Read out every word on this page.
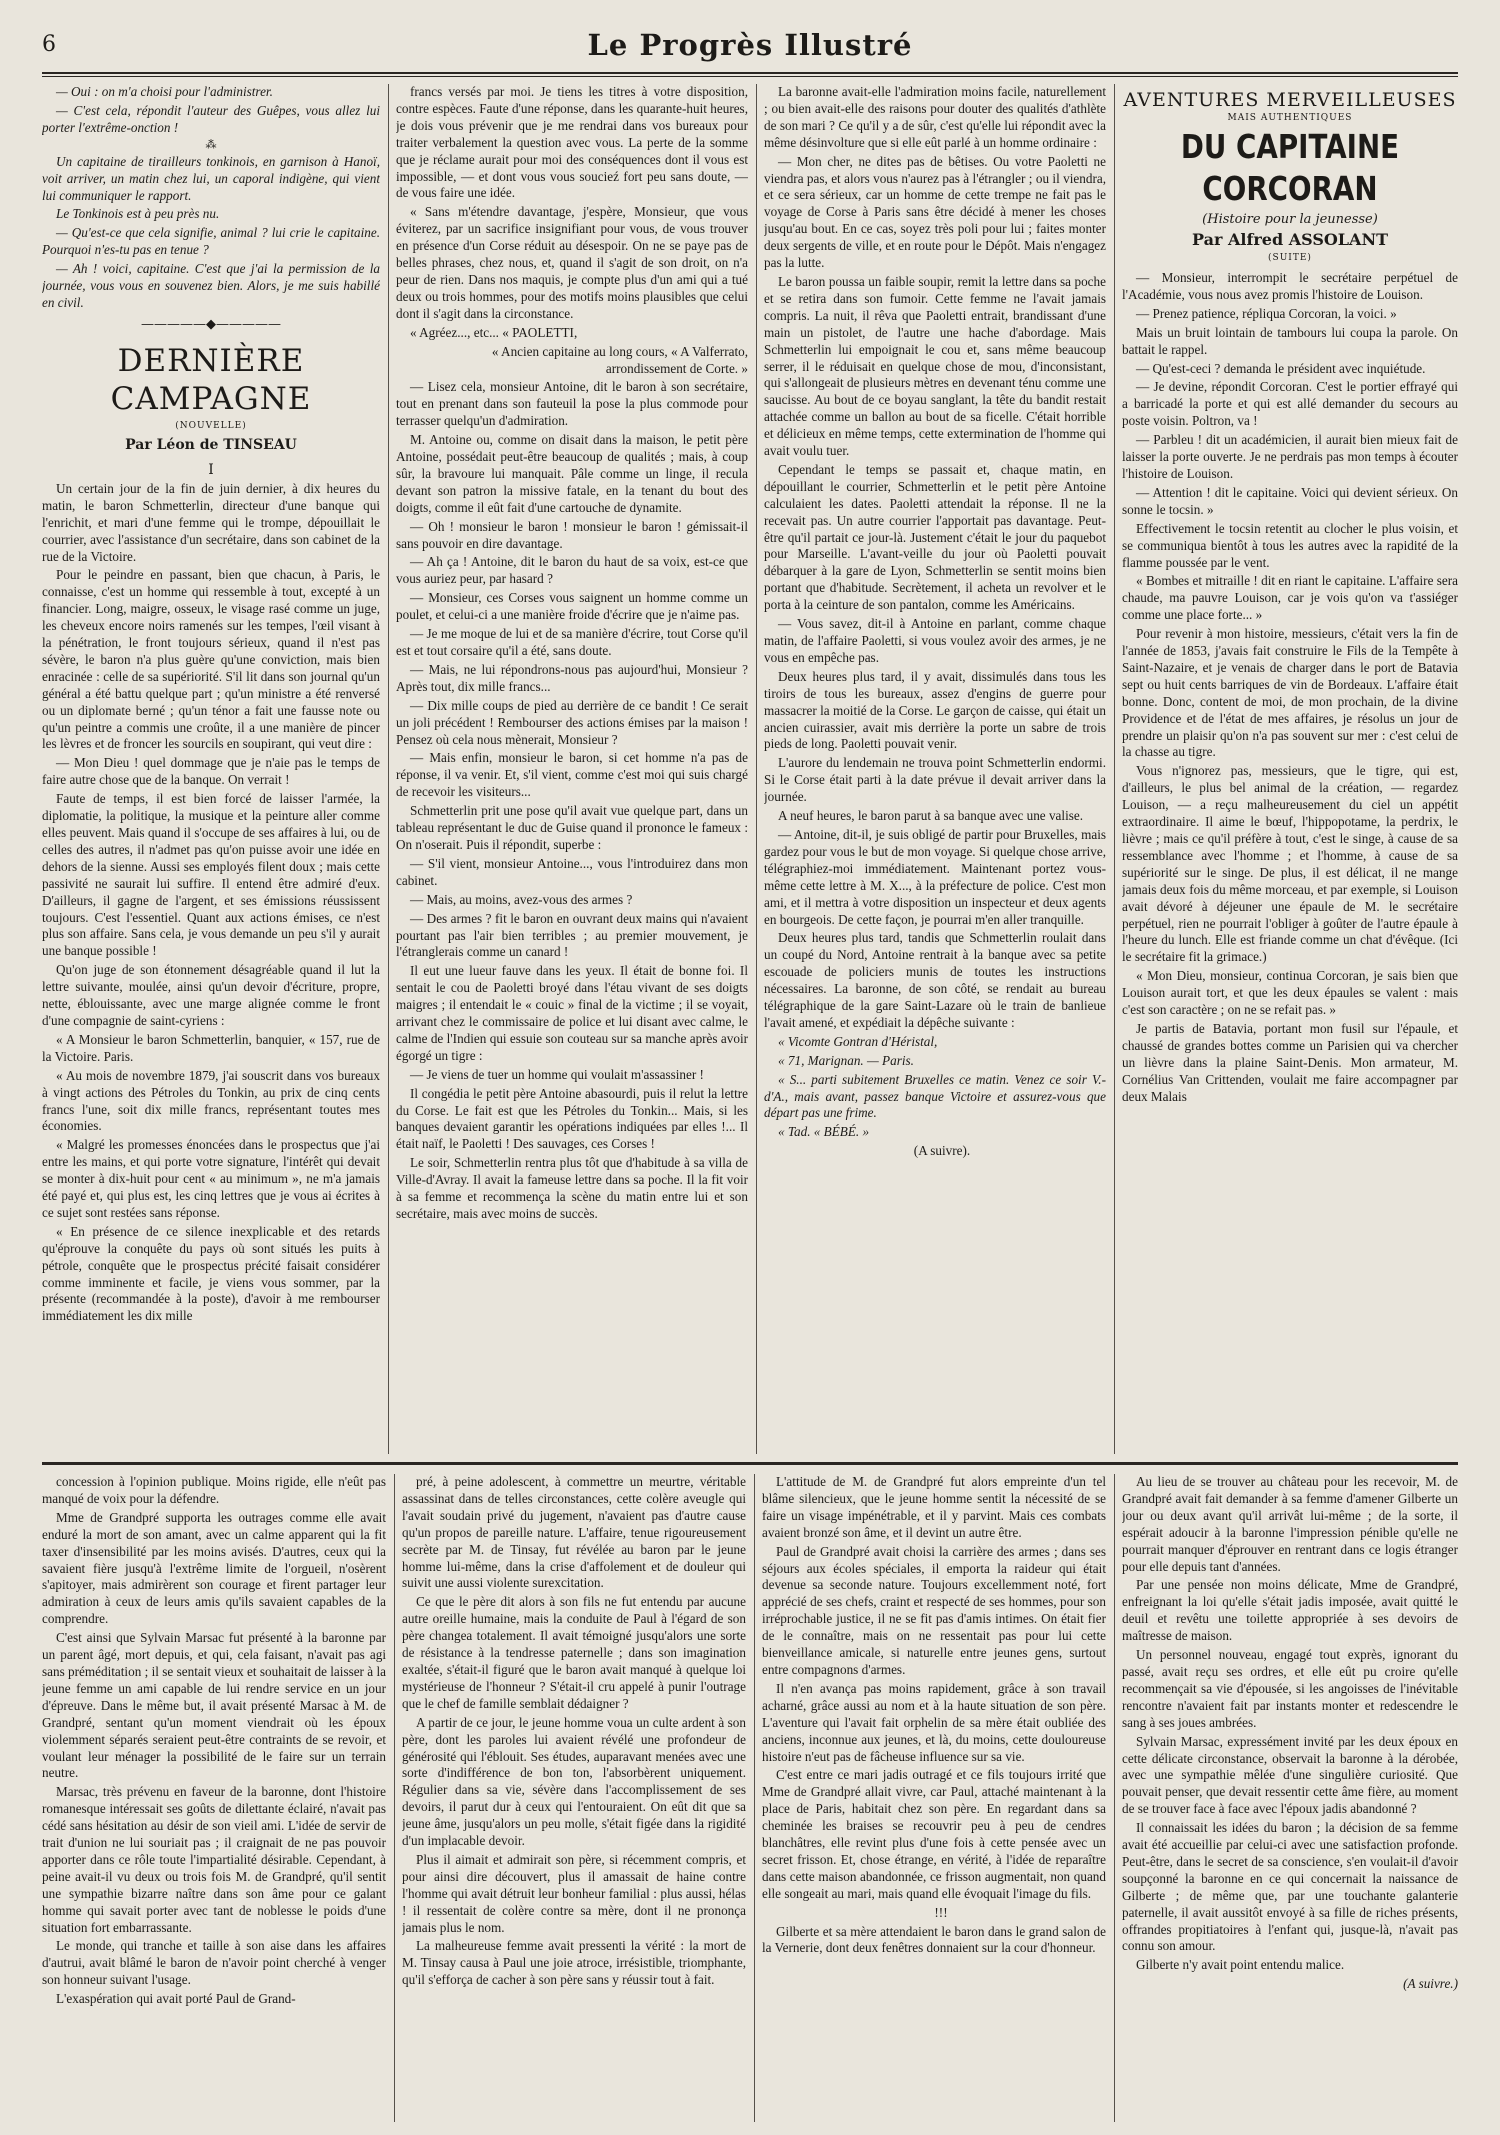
6	Le Progrès Illustré

— Oui : on m'a choisi pour l'administrer.

— C'est cela, répondit l'auteur des Guêpes, vous allez lui porter l'extrême-onction !

⁂

Un capitaine de tirailleurs tonkinois, en garnison à Hanoï, voit arriver, un matin chez lui, un caporal indigène, qui vient lui communiquer le rapport.

Le Tonkinois est à peu près nu.

— Qu'est-ce que cela signifie, animal ? lui crie le capitaine. Pourquoi n'es-tu pas en tenue ?

— Ah ! voici, capitaine. C'est que j'ai la permission de la journée, vous vous en souvenez bien. Alors, je me suis habillé en civil.

—————◆—————
DERNIÈRE CAMPAGNE
(NOUVELLE)
Par Léon de TINSEAU
I

Un certain jour de la fin de juin dernier, à dix heures du matin, le baron Schmetterlin, directeur d'une banque qui l'enrichit, et mari d'une femme qui le trompe, dépouillait le courrier, avec l'assistance d'un secrétaire, dans son cabinet de la rue de la Victoire.

Pour le peindre en passant, bien que chacun, à Paris, le connaisse, c'est un homme qui ressemble à tout, excepté à un financier. Long, maigre, osseux, le visage rasé comme un juge, les cheveux encore noirs ramenés sur les tempes, l'œil visant à la pénétration, le front toujours sérieux, quand il n'est pas sévère, le baron n'a plus guère qu'une conviction, mais bien enracinée : celle de sa supériorité. S'il lit dans son journal qu'un général a été battu quelque part ; qu'un ministre a été renversé ou un diplomate berné ; qu'un ténor a fait une fausse note ou qu'un peintre a commis une croûte, il a une manière de pincer les lèvres et de froncer les sourcils en soupirant, qui veut dire :

— Mon Dieu ! quel dommage que je n'aie pas le temps de faire autre chose que de la banque. On verrait !

Faute de temps, il est bien forcé de laisser l'armée, la diplomatie, la politique, la musique et la peinture aller comme elles peuvent. Mais quand il s'occupe de ses affaires à lui, ou de celles des autres, il n'admet pas qu'on puisse avoir une idée en dehors de la sienne. Aussi ses employés filent doux ; mais cette passivité ne saurait lui suffire. Il entend être admiré d'eux. D'ailleurs, il gagne de l'argent, et ses émissions réussissent toujours. C'est l'essentiel. Quant aux actions émises, ce n'est plus son affaire. Sans cela, je vous demande un peu s'il y aurait une banque possible !

Qu'on juge de son étonnement désagréable quand il lut la lettre suivante, moulée, ainsi qu'un devoir d'écriture, propre, nette, éblouissante, avec une marge alignée comme le front d'une compagnie de saint-cyriens :

« A Monsieur le baron Schmetterlin, banquier, « 157, rue de la Victoire. Paris.

« Au mois de novembre 1879, j'ai souscrit dans vos bureaux à vingt actions des Pétroles du Tonkin, au prix de cinq cents francs l'une, soit dix mille francs, représentant toutes mes économies.

« Malgré les promesses énoncées dans le prospectus que j'ai entre les mains, et qui porte votre signature, l'intérêt qui devait se monter à dix-huit pour cent « au minimum », ne m'a jamais été payé et, qui plus est, les cinq lettres que je vous ai écrites à ce sujet sont restées sans réponse.

« En présence de ce silence inexplicable et des retards qu'éprouve la conquête du pays où sont situés les puits à pétrole, conquête que le prospectus précité faisait considérer comme imminente et facile, je viens vous sommer, par la présente (recommandée à la poste), d'avoir à me rembourser immédiatement les dix mille

francs versés par moi. Je tiens les titres à votre disposition, contre espèces. Faute d'une réponse, dans les quarante-huit heures, je dois vous prévenir que je me rendrai dans vos bureaux pour traiter verbalement la question avec vous. La perte de la somme que je réclame aurait pour moi des conséquences dont il vous est impossible, — et dont vous vous soucieź fort peu sans doute, — de vous faire une idée.

« Sans m'étendre davantage, j'espère, Monsieur, que vous éviterez, par un sacrifice insignifiant pour vous, de vous trouver en présence d'un Corse réduit au désespoir. On ne se paye pas de belles phrases, chez nous, et, quand il s'agit de son droit, on n'a peur de rien. Dans nos maquis, je compte plus d'un ami qui a tué deux ou trois hommes, pour des motifs moins plausibles que celui dont il s'agit dans la circonstance.

« Agréez..., etc... « PAOLETTI,

« Ancien capitaine au long cours, « A Valferrato, arrondissement de Corte. »

— Lisez cela, monsieur Antoine, dit le baron à son secrétaire, tout en prenant dans son fauteuil la pose la plus commode pour terrasser quelqu'un d'admiration.

M. Antoine ou, comme on disait dans la maison, le petit père Antoine, possédait peut-être beaucoup de qualités ; mais, à coup sûr, la bravoure lui manquait. Pâle comme un linge, il recula devant son patron la missive fatale, en la tenant du bout des doigts, comme il eût fait d'une cartouche de dynamite.

— Oh ! monsieur le baron ! monsieur le baron ! gémissait-il sans pouvoir en dire davantage.

— Ah ça ! Antoine, dit le baron du haut de sa voix, est-ce que vous auriez peur, par hasard ?

— Monsieur, ces Corses vous saignent un homme comme un poulet, et celui-ci a une manière froide d'écrire que je n'aime pas.

— Je me moque de lui et de sa manière d'écrire, tout Corse qu'il est et tout corsaire qu'il a été, sans doute.

— Mais, ne lui répondrons-nous pas aujourd'hui, Monsieur ? Après tout, dix mille francs...

— Dix mille coups de pied au derrière de ce bandit ! Ce serait un joli précédent ! Rembourser des actions émises par la maison ! Pensez où cela nous mènerait, Monsieur ?

— Mais enfin, monsieur le baron, si cet homme n'a pas de réponse, il va venir. Et, s'il vient, comme c'est moi qui suis chargé de recevoir les visiteurs...

Schmetterlin prit une pose qu'il avait vue quelque part, dans un tableau représentant le duc de Guise quand il prononce le fameux : On n'oserait. Puis il répondit, superbe :

— S'il vient, monsieur Antoine..., vous l'introduirez dans mon cabinet.

— Mais, au moins, avez-vous des armes ?

— Des armes ? fit le baron en ouvrant deux mains qui n'avaient pourtant pas l'air bien terribles ; au premier mouvement, je l'étranglerais comme un canard !

Il eut une lueur fauve dans les yeux. Il était de bonne foi. Il sentait le cou de Paoletti broyé dans l'étau vivant de ses doigts maigres ; il entendait le « couic » final de la victime ; il se voyait, arrivant chez le commissaire de police et lui disant avec calme, le calme de l'Indien qui essuie son couteau sur sa manche après avoir égorgé un tigre :

— Je viens de tuer un homme qui voulait m'assassiner !

Il congédia le petit père Antoine abasourdi, puis il relut la lettre du Corse. Le fait est que les Pétroles du Tonkin... Mais, si les banques devaient garantir les opérations indiquées par elles !... Il était naïf, le Paoletti ! Des sauvages, ces Corses !

Le soir, Schmetterlin rentra plus tôt que d'habitude à sa villa de Ville-d'Avray. Il avait la fameuse lettre dans sa poche. Il la fit voir à sa femme et recommença la scène du matin entre lui et son secrétaire, mais avec moins de succès.

La baronne avait-elle l'admiration moins facile, naturellement ; ou bien avait-elle des raisons pour douter des qualités d'athlète de son mari ? Ce qu'il y a de sûr, c'est qu'elle lui répondit avec la même désinvolture que si elle eût parlé à un homme ordinaire :

— Mon cher, ne dites pas de bêtises. Ou votre Paoletti ne viendra pas, et alors vous n'aurez pas à l'étrangler ; ou il viendra, et ce sera sérieux, car un homme de cette trempe ne fait pas le voyage de Corse à Paris sans être décidé à mener les choses jusqu'au bout. En ce cas, soyez très poli pour lui ; faites monter deux sergents de ville, et en route pour le Dépôt. Mais n'engagez pas la lutte.

Le baron poussa un faible soupir, remit la lettre dans sa poche et se retira dans son fumoir. Cette femme ne l'avait jamais compris. La nuit, il rêva que Paoletti entrait, brandissant d'une main un pistolet, de l'autre une hache d'abordage. Mais Schmetterlin lui empoignait le cou et, sans même beaucoup serrer, il le réduisait en quelque chose de mou, d'inconsistant, qui s'allongeait de plusieurs mètres en devenant ténu comme une saucisse. Au bout de ce boyau sanglant, la tête du bandit restait attachée comme un ballon au bout de sa ficelle. C'était horrible et délicieux en même temps, cette extermination de l'homme qui avait voulu tuer.

Cependant le temps se passait et, chaque matin, en dépouillant le courrier, Schmetterlin et le petit père Antoine calculaient les dates. Paoletti attendait la réponse. Il ne la recevait pas. Un autre courrier l'apportait pas davantage. Peut-être qu'il partait ce jour-là. Justement c'était le jour du paquebot pour Marseille. L'avant-veille du jour où Paoletti pouvait débarquer à la gare de Lyon, Schmetterlin se sentit moins bien portant que d'habitude. Secrètement, il acheta un revolver et le porta à la ceinture de son pantalon, comme les Américains.

— Vous savez, dit-il à Antoine en parlant, comme chaque matin, de l'affaire Paoletti, si vous voulez avoir des armes, je ne vous en empêche pas.

Deux heures plus tard, il y avait, dissimulés dans tous les tiroirs de tous les bureaux, assez d'engins de guerre pour massacrer la moitié de la Corse. Le garçon de caisse, qui était un ancien cuirassier, avait mis derrière la porte un sabre de trois pieds de long. Paoletti pouvait venir.

L'aurore du lendemain ne trouva point Schmetterlin endormi. Si le Corse était parti à la date prévue il devait arriver dans la journée.

A neuf heures, le baron parut à sa banque avec une valise.

— Antoine, dit-il, je suis obligé de partir pour Bruxelles, mais gardez pour vous le but de mon voyage. Si quelque chose arrive, télégraphiez-moi immédiatement. Maintenant portez vous-même cette lettre à M. X..., à la préfecture de police. C'est mon ami, et il mettra à votre disposition un inspecteur et deux agents en bourgeois. De cette façon, je pourrai m'en aller tranquille.

Deux heures plus tard, tandis que Schmetterlin roulait dans un coupé du Nord, Antoine rentrait à la banque avec sa petite escouade de policiers munis de toutes les instructions nécessaires. La baronne, de son côté, se rendait au bureau télégraphique de la gare Saint-Lazare où le train de banlieue l'avait amené, et expédiait la dépêche suivante :

« Vicomte Gontran d'Héristal,

« 71, Marignan. — Paris.

« S... parti subitement Bruxelles ce matin. Venez ce soir V.-d'A., mais avant, passez banque Victoire et assurez-vous que départ pas une frime.

« Tad. « BÉBÉ. »

(A suivre).

AVENTURES MERVEILLEUSES
MAIS AUTHENTIQUES
DU CAPITAINE CORCORAN
(Histoire pour la jeunesse)
Par Alfred ASSOLANT
(SUITE)

— Monsieur, interrompit le secrétaire perpétuel de l'Académie, vous nous avez promis l'histoire de Louison.

— Prenez patience, répliqua Corcoran, la voici. »

Mais un bruit lointain de tambours lui coupa la parole. On battait le rappel.

— Qu'est-ceci ? demanda le président avec inquiétude.

— Je devine, répondit Corcoran. C'est le portier effrayé qui a barricadé la porte et qui est allé demander du secours au poste voisin. Poltron, va !

— Parbleu ! dit un académicien, il aurait bien mieux fait de laisser la porte ouverte. Je ne perdrais pas mon temps à écouter l'histoire de Louison.

— Attention ! dit le capitaine. Voici qui devient sérieux. On sonne le tocsin. »

Effectivement le tocsin retentit au clocher le plus voisin, et se communiqua bientôt à tous les autres avec la rapidité de la flamme poussée par le vent.

« Bombes et mitraille ! dit en riant le capitaine. L'affaire sera chaude, ma pauvre Louison, car je vois qu'on va t'assiéger comme une place forte... »

Pour revenir à mon histoire, messieurs, c'était vers la fin de l'année de 1853, j'avais fait construire le Fils de la Tempête à Saint-Nazaire, et je venais de charger dans le port de Batavia sept ou huit cents barriques de vin de Bordeaux. L'affaire était bonne. Donc, content de moi, de mon prochain, de la divine Providence et de l'état de mes affaires, je résolus un jour de prendre un plaisir qu'on n'a pas souvent sur mer : c'est celui de la chasse au tigre.

Vous n'ignorez pas, messieurs, que le tigre, qui est, d'ailleurs, le plus bel animal de la création, — regardez Louison, — a reçu malheureusement du ciel un appétit extraordinaire. Il aime le bœuf, l'hippopotame, la perdrix, le lièvre ; mais ce qu'il préfère à tout, c'est le singe, à cause de sa ressemblance avec l'homme ; et l'homme, à cause de sa supériorité sur le singe. De plus, il est délicat, il ne mange jamais deux fois du même morceau, et par exemple, si Louison avait dévoré à déjeuner une épaule de M. le secrétaire perpétuel, rien ne pourrait l'obliger à goûter de l'autre épaule à l'heure du lunch. Elle est friande comme un chat d'évêque. (Ici le secrétaire fit la grimace.)

« Mon Dieu, monsieur, continua Corcoran, je sais bien que Louison aurait tort, et que les deux épaules se valent : mais c'est son caractère ; on ne se refait pas. »

Je partis de Batavia, portant mon fusil sur l'épaule, et chaussé de grandes bottes comme un Parisien qui va chercher un lièvre dans la plaine Saint-Denis. Mon armateur, M. Cornélius Van Crittenden, voulait me faire accompagner par deux Malais

concession à l'opinion publique. Moins rigide, elle n'eût pas manqué de voix pour la défendre.

Mme de Grandpré supporta les outrages comme elle avait enduré la mort de son amant, avec un calme apparent qui la fit taxer d'insensibilité par les moins avisés. D'autres, ceux qui la savaient fière jusqu'à l'extrême limite de l'orgueil, n'osèrent s'apitoyer, mais admirèrent son courage et firent partager leur admiration à ceux de leurs amis qu'ils savaient capables de la comprendre.

C'est ainsi que Sylvain Marsac fut présenté à la baronne par un parent âgé, mort depuis, et qui, cela faisant, n'avait pas agi sans préméditation ; il se sentait vieux et souhaitait de laisser à la jeune femme un ami capable de lui rendre service en un jour d'épreuve. Dans le même but, il avait présenté Marsac à M. de Grandpré, sentant qu'un moment viendrait où les époux violemment séparés seraient peut-être contraints de se revoir, et voulant leur ménager la possibilité de le faire sur un terrain neutre.

Marsac, très prévenu en faveur de la baronne, dont l'histoire romanesque intéressait ses goûts de dilettante éclairé, n'avait pas cédé sans hésitation au désir de son vieil ami. L'idée de servir de trait d'union ne lui souriait pas ; il craignait de ne pas pouvoir apporter dans ce rôle toute l'impartialité désirable. Cependant, à peine avait-il vu deux ou trois fois M. de Grandpré, qu'il sentit une sympathie bizarre naître dans son âme pour ce galant homme qui savait porter avec tant de noblesse le poids d'une situation fort embarrassante.

Le monde, qui tranche et taille à son aise dans les affaires d'autrui, avait blâmé le baron de n'avoir point cherché à venger son honneur suivant l'usage.

L'exaspération qui avait porté Paul de Grand-

pré, à peine adolescent, à commettre un meurtre, véritable assassinat dans de telles circonstances, cette colère aveugle qui l'avait soudain privé du jugement, n'avaient pas d'autre cause qu'un propos de pareille nature. L'affaire, tenue rigoureusement secrète par M. de Tinsay, fut révélée au baron par le jeune homme lui-même, dans la crise d'affolement et de douleur qui suivit une aussi violente surexcitation.

Ce que le père dit alors à son fils ne fut entendu par aucune autre oreille humaine, mais la conduite de Paul à l'égard de son père changea totalement. Il avait témoigné jusqu'alors une sorte de résistance à la tendresse paternelle ; dans son imagination exaltée, s'était-il figuré que le baron avait manqué à quelque loi mystérieuse de l'honneur ? S'était-il cru appelé à punir l'outrage que le chef de famille semblait dédaigner ?

A partir de ce jour, le jeune homme voua un culte ardent à son père, dont les paroles lui avaient révélé une profondeur de générosité qui l'éblouit. Ses études, auparavant menées avec une sorte d'indifférence de bon ton, l'absorbèrent uniquement. Régulier dans sa vie, sévère dans l'accomplissement de ses devoirs, il parut dur à ceux qui l'entouraient. On eût dit que sa jeune âme, jusqu'alors un peu molle, s'était figée dans la rigidité d'un implacable devoir.

Plus il aimait et admirait son père, si récemment compris, et pour ainsi dire découvert, plus il amassait de haine contre l'homme qui avait détruit leur bonheur familial : plus aussi, hélas ! il ressentait de colère contre sa mère, dont il ne prononça jamais plus le nom.

La malheureuse femme avait pressenti la vérité : la mort de M. Tinsay causa à Paul une joie atroce, irrésistible, triomphante, qu'il s'efforça de cacher à son père sans y réussir tout à fait.

L'attitude de M. de Grandpré fut alors empreinte d'un tel blâme silencieux, que le jeune homme sentit la nécessité de se faire un visage impénétrable, et il y parvint. Mais ces combats avaient bronzé son âme, et il devint un autre être.

Paul de Grandpré avait choisi la carrière des armes ; dans ses séjours aux écoles spéciales, il emporta la raideur qui était devenue sa seconde nature. Toujours excellemment noté, fort apprécié de ses chefs, craint et respecté de ses hommes, pour son irréprochable justice, il ne se fit pas d'amis intimes. On était fier de le connaître, mais on ne ressentait pas pour lui cette bienveillance amicale, si naturelle entre jeunes gens, surtout entre compagnons d'armes.

Il n'en avança pas moins rapidement, grâce à son travail acharné, grâce aussi au nom et à la haute situation de son père. L'aventure qui l'avait fait orphelin de sa mère était oubliée des anciens, inconnue aux jeunes, et là, du moins, cette douloureuse histoire n'eut pas de fâcheuse influence sur sa vie.

C'est entre ce mari jadis outragé et ce fils toujours irrité que Mme de Grandpré allait vivre, car Paul, attaché maintenant à la place de Paris, habitait chez son père. En regardant dans sa cheminée les braises se recouvrir peu à peu de cendres blanchâtres, elle revint plus d'une fois à cette pensée avec un secret frisson. Et, chose étrange, en vérité, à l'idée de reparaître dans cette maison abandonnée, ce frisson augmentait, non quand elle songeait au mari, mais quand elle évoquait l'image du fils.

!!!

Gilberte et sa mère attendaient le baron dans le grand salon de la Vernerie, dont deux fenêtres donnaient sur la cour d'honneur.

Au lieu de se trouver au château pour les recevoir, M. de Grandpré avait fait demander à sa femme d'amener Gilberte un jour ou deux avant qu'il arrivât lui-même ; de la sorte, il espérait adoucir à la baronne l'impression pénible qu'elle ne pourrait manquer d'éprouver en rentrant dans ce logis étranger pour elle depuis tant d'années.

Par une pensée non moins délicate, Mme de Grandpré, enfreignant la loi qu'elle s'était jadis imposée, avait quitté le deuil et revêtu une toilette appropriée à ses devoirs de maîtresse de maison.

Un personnel nouveau, engagé tout exprès, ignorant du passé, avait reçu ses ordres, et elle eût pu croire qu'elle recommençait sa vie d'épousée, si les angoisses de l'inévitable rencontre n'avaient fait par instants monter et redescendre le sang à ses joues ambrées.

Sylvain Marsac, expressément invité par les deux époux en cette délicate circonstance, observait la baronne à la dérobée, avec une sympathie mêlée d'une singulière curiosité. Que pouvait penser, que devait ressentir cette âme fière, au moment de se trouver face à face avec l'époux jadis abandonné ?

Il connaissait les idées du baron ; la décision de sa femme avait été accueillie par celui-ci avec une satisfaction profonde. Peut-être, dans le secret de sa conscience, s'en voulait-il d'avoir soupçonné la baronne en ce qui concernait la naissance de Gilberte ; de même que, par une touchante galanterie paternelle, il avait aussitôt envoyé à sa fille de riches présents, offrandes propitiatoires à l'enfant qui, jusque-là, n'avait pas connu son amour.

Gilberte n'y avait point entendu malice.

(A suivre.)
